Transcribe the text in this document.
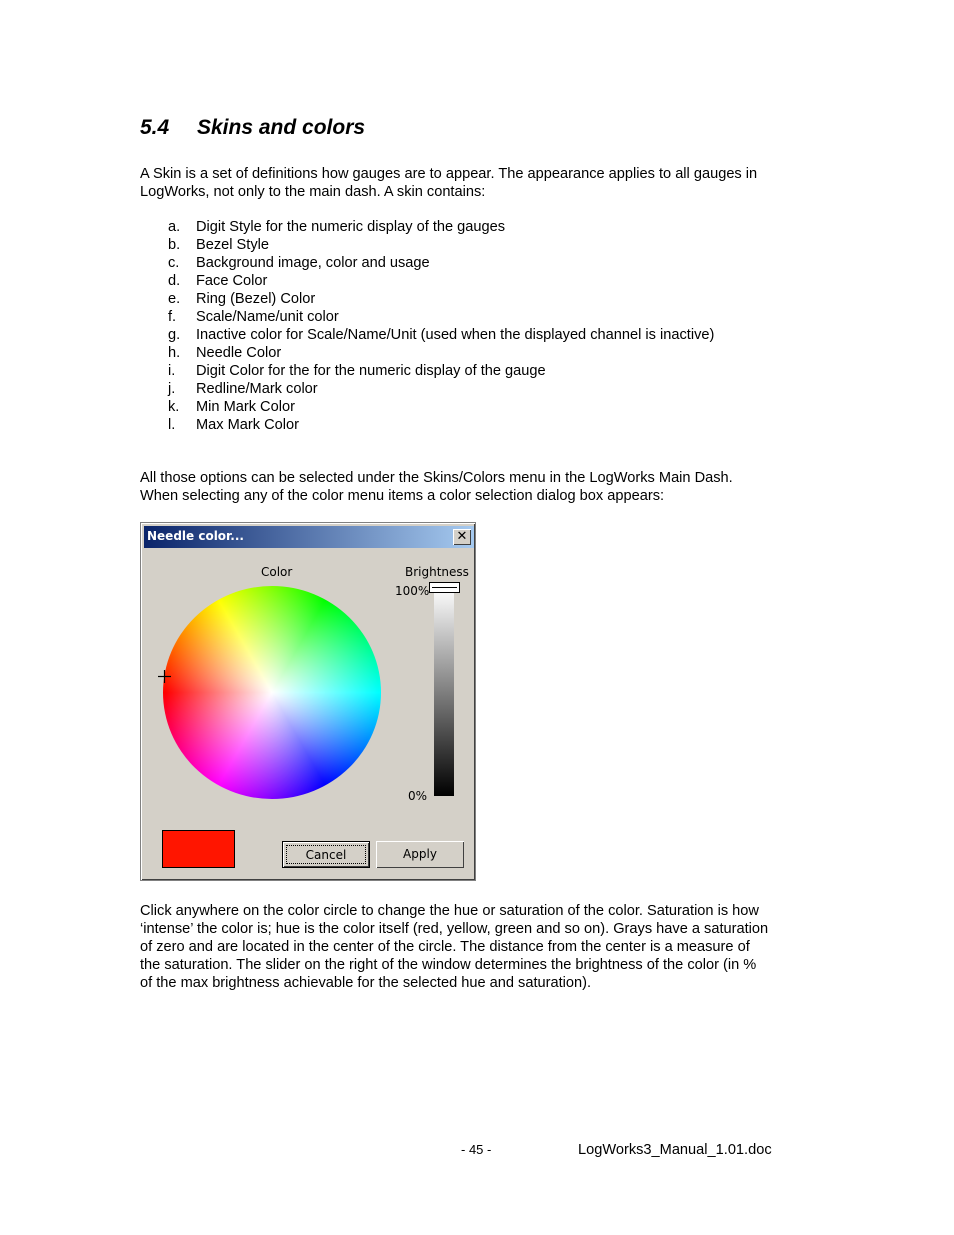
5.4 Skins and colors
A Skin is a set of definitions how gauges are to appear. The appearance applies to all gauges in
LogWorks, not only to the main dash. A skin contains:
a. Digit Style for the numeric display of the gauges
b. Bezel Style
c. Background image, color and usage
d. Face Color
e. Ring (Bezel) Color
f. Scale/Name/unit color
g. Inactive color for Scale/Name/Unit (used when the displayed channel is inactive)
h. Needle Color
i. Digit Color for the for the numeric display of the gauge
j. Redline/Mark color
k. Min Mark Color
l. Max Mark Color
All those options can be selected under the Skins/Colors menu in the LogWorks Main Dash.
When selecting any of the color menu items a color selection dialog box appears:
Needle color...	✕
Color	Brightness
100%
0%
Cancel	Apply
Click anywhere on the color circle to change the hue or saturation of the color. Saturation is how
‘intense’ the color is; hue is the color itself (red, yellow, green and so on). Grays have a saturation
of zero and are located in the center of the circle. The distance from the center is a measure of
the saturation. The slider on the right of the window determines the brightness of the color (in %
of the max brightness achievable for the selected hue and saturation).
- 45 -	LogWorks3_Manual_1.01.doc
